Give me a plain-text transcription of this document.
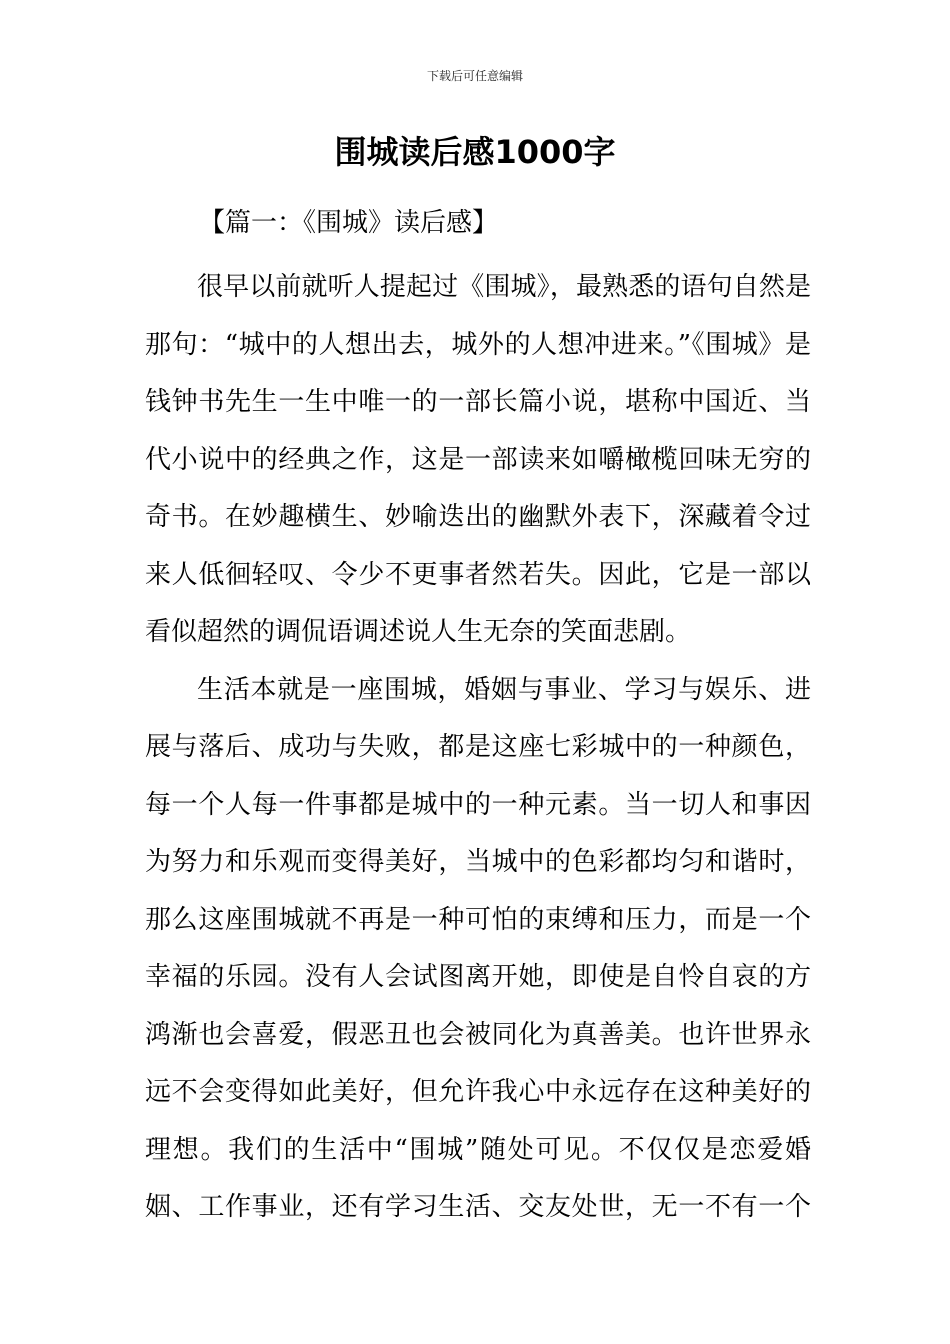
下载后可任意编辑
围城读后感1000字
【篇一：《围城》读后感】

很早以前就听人提起过《围城》，最熟悉的语句自然是那句：“城中的人想出去，城外的人想冲进来。”《围城》是钱钟书先生一生中唯一的一部长篇小说，堪称中国近、当代小说中的经典之作，这是一部读来如嚼橄榄回味无穷的奇书。在妙趣横生、妙喻迭出的幽默外表下，深藏着令过来人低徊轻叹、令少不更事者然若失。因此，它是一部以看似超然的调侃语调述说人生无奈的笑面悲剧。

生活本就是一座围城，婚姻与事业、学习与娱乐、进展与落后、成功与失败，都是这座七彩城中的一种颜色，每一个人每一件事都是城中的一种元素。当一切人和事因为努力和乐观而变得美好，当城中的色彩都均匀和谐时，那么这座围城就不再是一种可怕的束缚和压力，而是一个幸福的乐园。没有人会试图离开她，即使是自怜自哀的方鸿渐也会喜爱，假恶丑也会被同化为真善美。也许世界永远不会变得如此美好，但允许我心中永远存在这种美好的理想。我们的生活中“围城”随处可见。不仅仅是恋爱婚姻、工作事业，还有学习生活、交友处世，无一不有一个
